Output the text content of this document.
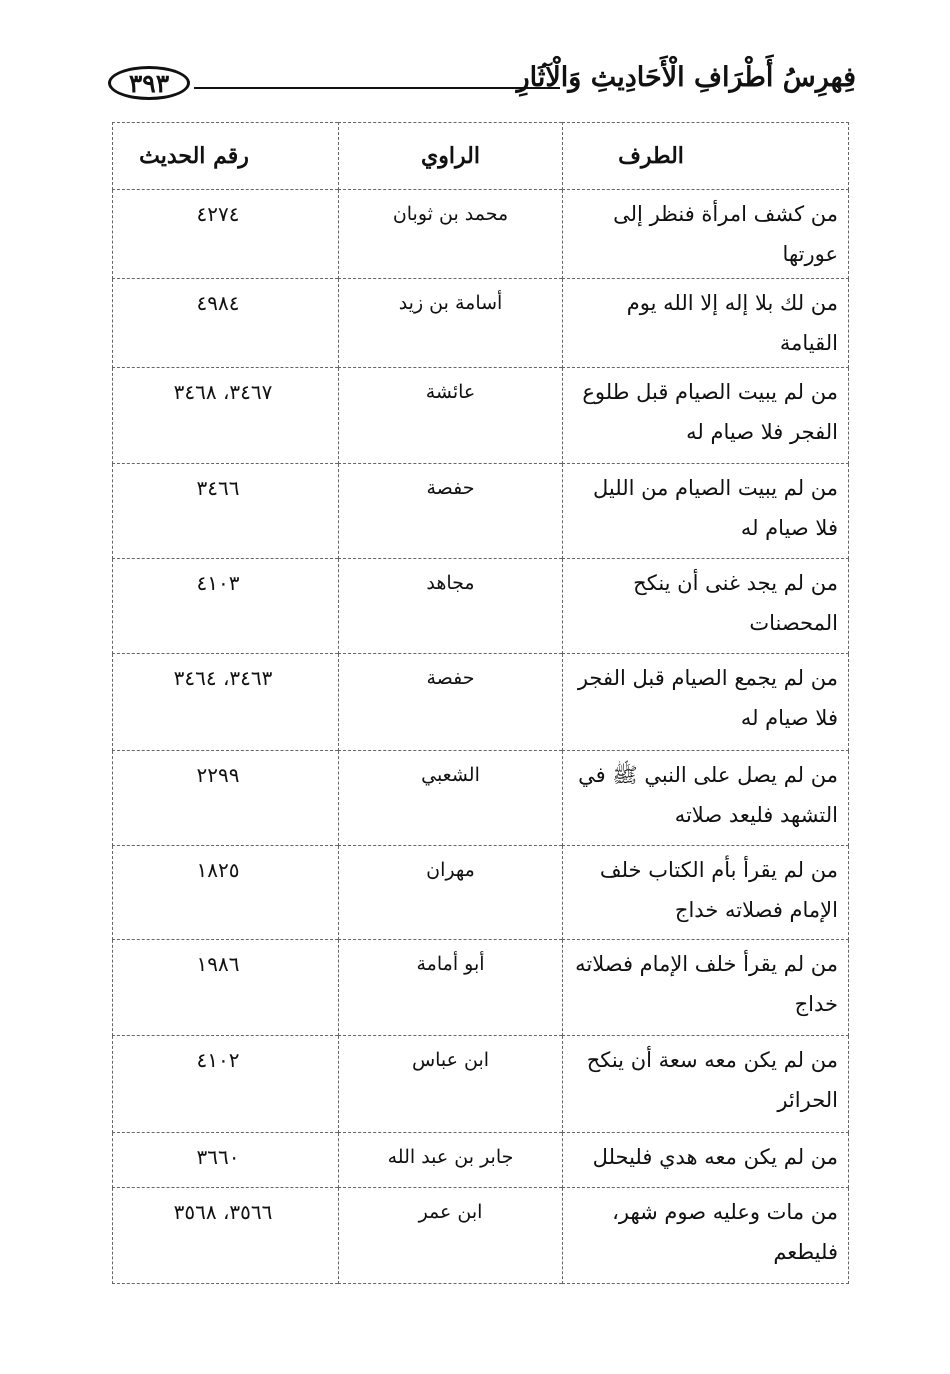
٣٩٣	فِهرِسُ أَطْرَافِ الْأَحَادِيثِ وَالْآثَارِ
الطرف	الراوي	رقم الحديث
من كشف امرأة فنظر إلى عورتها	محمد بن ثوبان	٤٢٧٤

من لك بلا إله إلا الله يوم القيامة	أسامة بن زيد	٤٩٨٤

من لم يبيت الصيام قبل طلوع الفجر فلا صيام له	عائشة	٣٤٦٧، ٣٤٦٨

من لم يبيت الصيام من الليل فلا صيام له	حفصة	٣٤٦٦

من لم يجد غنى أن ينكح المحصنات	مجاهد	٤١٠٣

من لم يجمع الصيام قبل الفجر فلا صيام له	حفصة	٣٤٦٣، ٣٤٦٤

من لم يصل على النبي ﷺ في التشهد فليعد صلاته	الشعبي	٢٢٩٩

من لم يقرأ بأم الكتاب خلف الإمام فصلاته خداج	مهران	١٨٢٥

من لم يقرأ خلف الإمام فصلاته خداج	أبو أمامة	١٩٨٦

من لم يكن معه سعة أن ينكح الحرائر	ابن عباس	٤١٠٢

من لم يكن معه هدي فليحلل	جابر بن عبد الله	٣٦٦٠

من مات وعليه صوم شهر، فليطعم	ابن عمر	٣٥٦٦، ٣٥٦٨
